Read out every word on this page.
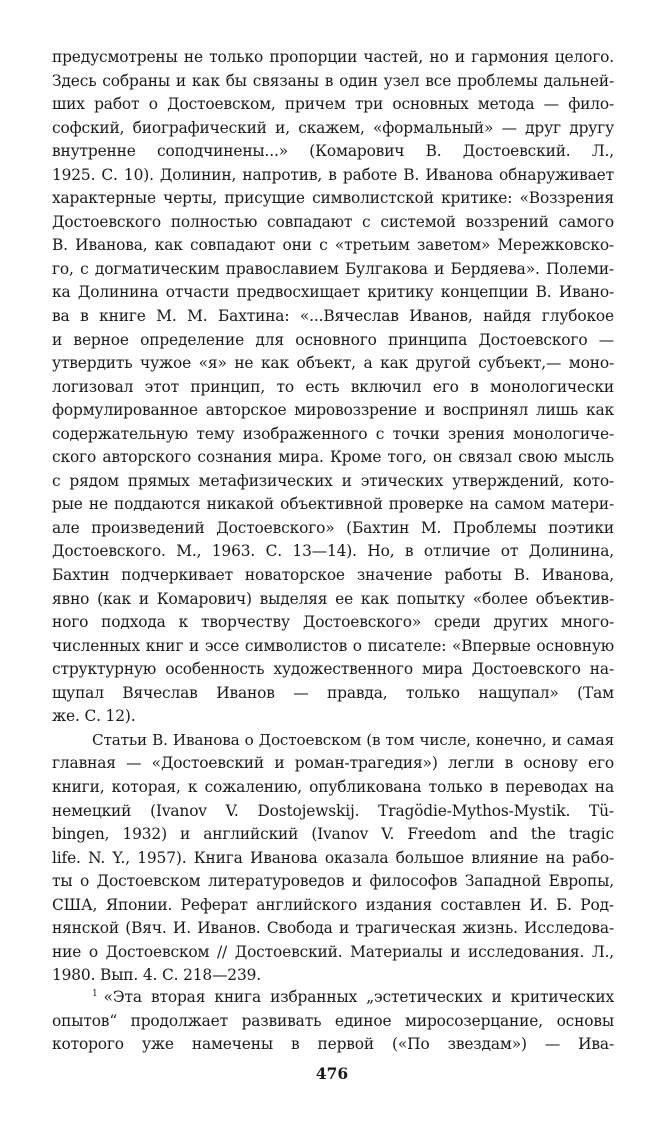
предусмотрены не только пропорции частей, но и гармония целого.
Здесь собраны и как бы связаны в один узел все проблемы дальней-
ших работ о Достоевском, причем три основных метода — фило-
софский, биографический и, скажем, «формальный» — друг другу
внутренне соподчинены...» (Комарович В. Достоевский. Л.,
1925. С. 10). Долинин, напротив, в работе В. Иванова обнаруживает
характерные черты, присущие символистской критике: «Воззрения
Достоевского полностью совпадают с системой воззрений самого
В. Иванова, как совпадают они с «третьим заветом» Мережковско-
го, с догматическим православием Булгакова и Бердяева». Полеми-
ка Долинина отчасти предвосхищает критику концепции В. Ивано-
ва в книге М. М. Бахтина: «...Вячеслав Иванов, найдя глубокое
и верное определение для основного принципа Достоевского —
утвердить чужое «я» не как объект, а как другой субъект,— моно-
логизовал этот принцип, то есть включил его в монологически
формулированное авторское мировоззрение и воспринял лишь как
содержательную тему изображенного с точки зрения монологиче-
ского авторского сознания мира. Кроме того, он связал свою мысль
с рядом прямых метафизических и этических утверждений, кото-
рые не поддаются никакой объективной проверке на самом матери-
але произведений Достоевского» (Бахтин М. Проблемы поэтики
Достоевского. М., 1963. С. 13—14). Но, в отличие от Долинина,
Бахтин подчеркивает новаторское значение работы В. Иванова,
явно (как и Комарович) выделяя ее как попытку «более объектив-
ного подхода к творчеству Достоевского» среди других много-
численных книг и эссе символистов о писателе: «Впервые основную
структурную особенность художественного мира Достоевского на-
щупал Вячеслав Иванов — правда, только нащупал» (Там
же. С. 12).
Статьи В. Иванова о Достоевском (в том числе, конечно, и самая
главная — «Достоевский и роман-трагедия») легли в основу его
книги, которая, к сожалению, опубликована только в переводах на
немецкий (Ivanov V. Dostojewskij. Tragödie-Mythos-Mystik. Tü-
bingen, 1932) и английский (Ivanov V. Freedom and the tragic
life. N. Y., 1957). Книга Иванова оказала большое влияние на рабо-
ты о Достоевском литературоведов и философов Западной Европы,
США, Японии. Реферат английского издания составлен И. Б. Род-
нянской (Вяч. И. Иванов. Свобода и трагическая жизнь. Исследова-
ние о Достоевском // Достоевский. Материалы и исследования. Л.,
1980. Вып. 4. С. 218—239.
$^1$ «Эта вторая книга избранных „эстетических и критических
опытов“ продолжает развивать единое миросозерцание, основы
которого уже намечены в первой («По звездам») — Ива-
476
